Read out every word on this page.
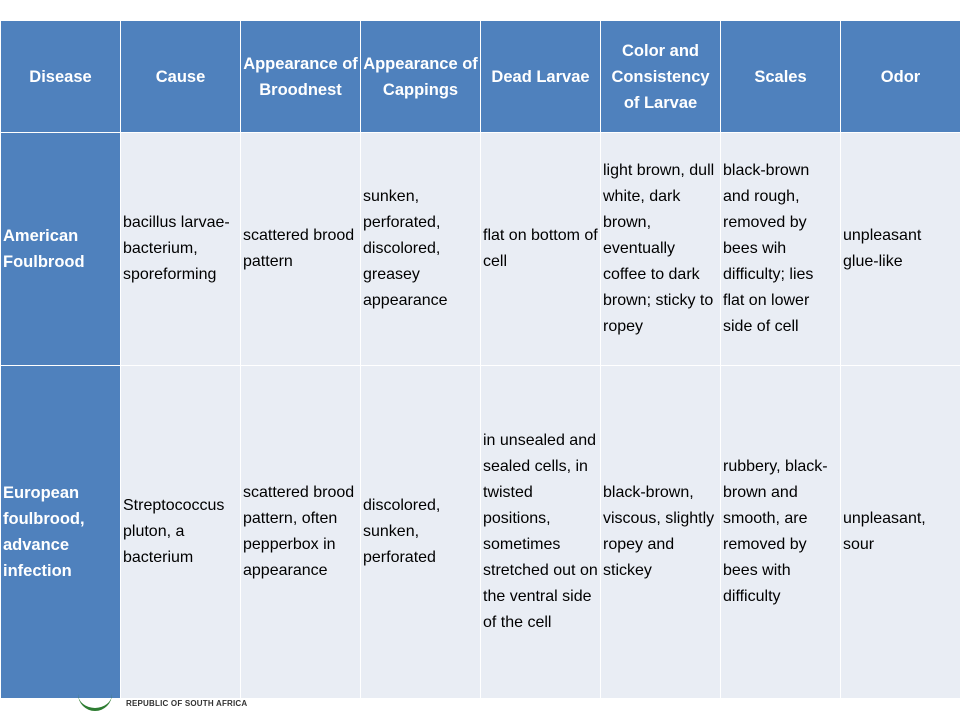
Disease	Cause	Appearance of Broodnest	Appearance of Cappings	Dead Larvae	Color and Consistency of Larvae	Scales	Odor
American Foulbrood	bacillus larvae- bacterium, sporeforming	scattered brood pattern	sunken, perforated, discolored, greasey appearance	flat on bottom of cell	light brown, dull white, dark brown, eventually coffee to dark brown; sticky to ropey	black-brown and rough, removed by bees wih difficulty; lies flat on lower side of cell	unpleasant glue-like
European foulbrood, advance infection	Streptococcus pluton, a bacterium	scattered brood pattern, often pepperbox in appearance	discolored, sunken, perforated	in unsealed and sealed cells, in twisted positions, sometimes stretched out on the ventral side of the cell	black-brown, viscous, slightly ropey and stickey	rubbery, black-brown and smooth, are removed by bees with difficulty	unpleasant, sour
REPUBLIC OF SOUTH AFRICA
